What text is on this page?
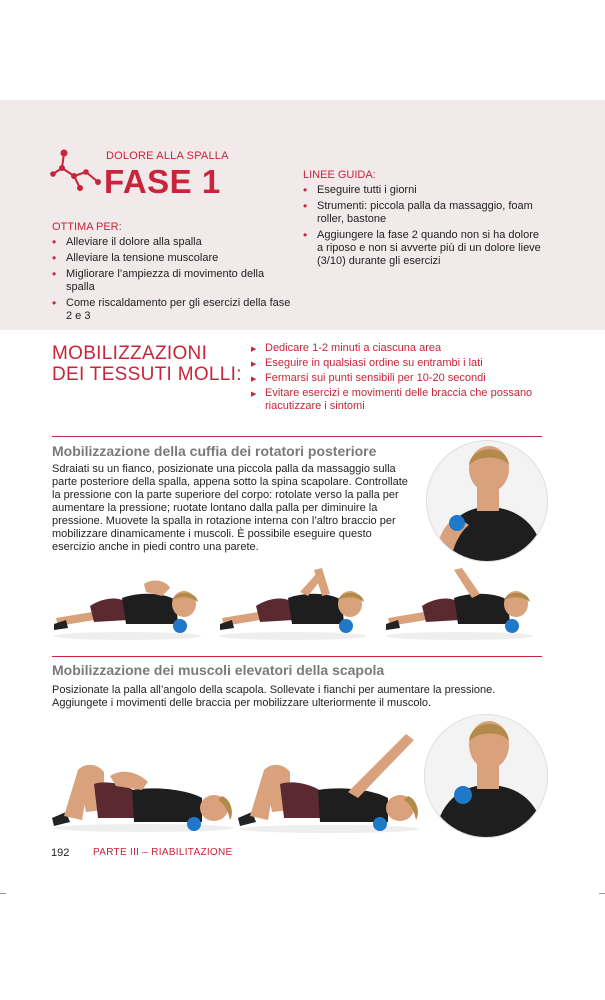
DOLORE ALLA SPALLA
FASE 1
OTTIMA PER:
• Alleviare il dolore alla spalla
• Alleviare la tensione muscolare
• Migliorare l’ampiezza di movimento della spalla
• Come riscaldamento per gli esercizi della fase 2 e 3
LINEE GUIDA:
• Eseguire tutti i giorni
• Strumenti: piccola palla da massaggio, foam roller, bastone
• Aggiungere la fase 2 quando non si ha dolore a riposo e non si avverte più di un dolore lieve (3/10) durante gli esercizi
MOBILIZZAZIONI
DEI TESSUTI MOLLI:
▶ Dedicare 1-2 minuti a ciascuna area
▶ Eseguire in qualsiasi ordine su entrambi i lati
▶ Fermarsi sui punti sensibili per 10-20 secondi
▶ Evitare esercizi e movimenti delle braccia che possano riacutizzare i sintomi
Mobilizzazione della cuffia dei rotatori posteriore
Sdraiati su un fianco, posizionate una piccola palla da massaggio sulla parte posteriore della spalla, appena sotto la spina scapolare. Controllate la pressione con la parte superiore del corpo: rotolate verso la palla per aumentare la pressione; ruotate lontano dalla palla per diminuire la pressione. Muovete la spalla in rotazione interna con l’altro braccio per mobilizzare dinamicamente i muscoli. È possibile eseguire questo esercizio anche in piedi contro una parete.
Mobilizzazione dei muscoli elevatori della scapola
Posizionate la palla all’angolo della scapola. Sollevate i fianchi per aumentare la pressione. Aggiungete i movimenti delle braccia per mobilizzare ulteriormente il muscolo.
192 PARTE III – RIABILITAZIONE
